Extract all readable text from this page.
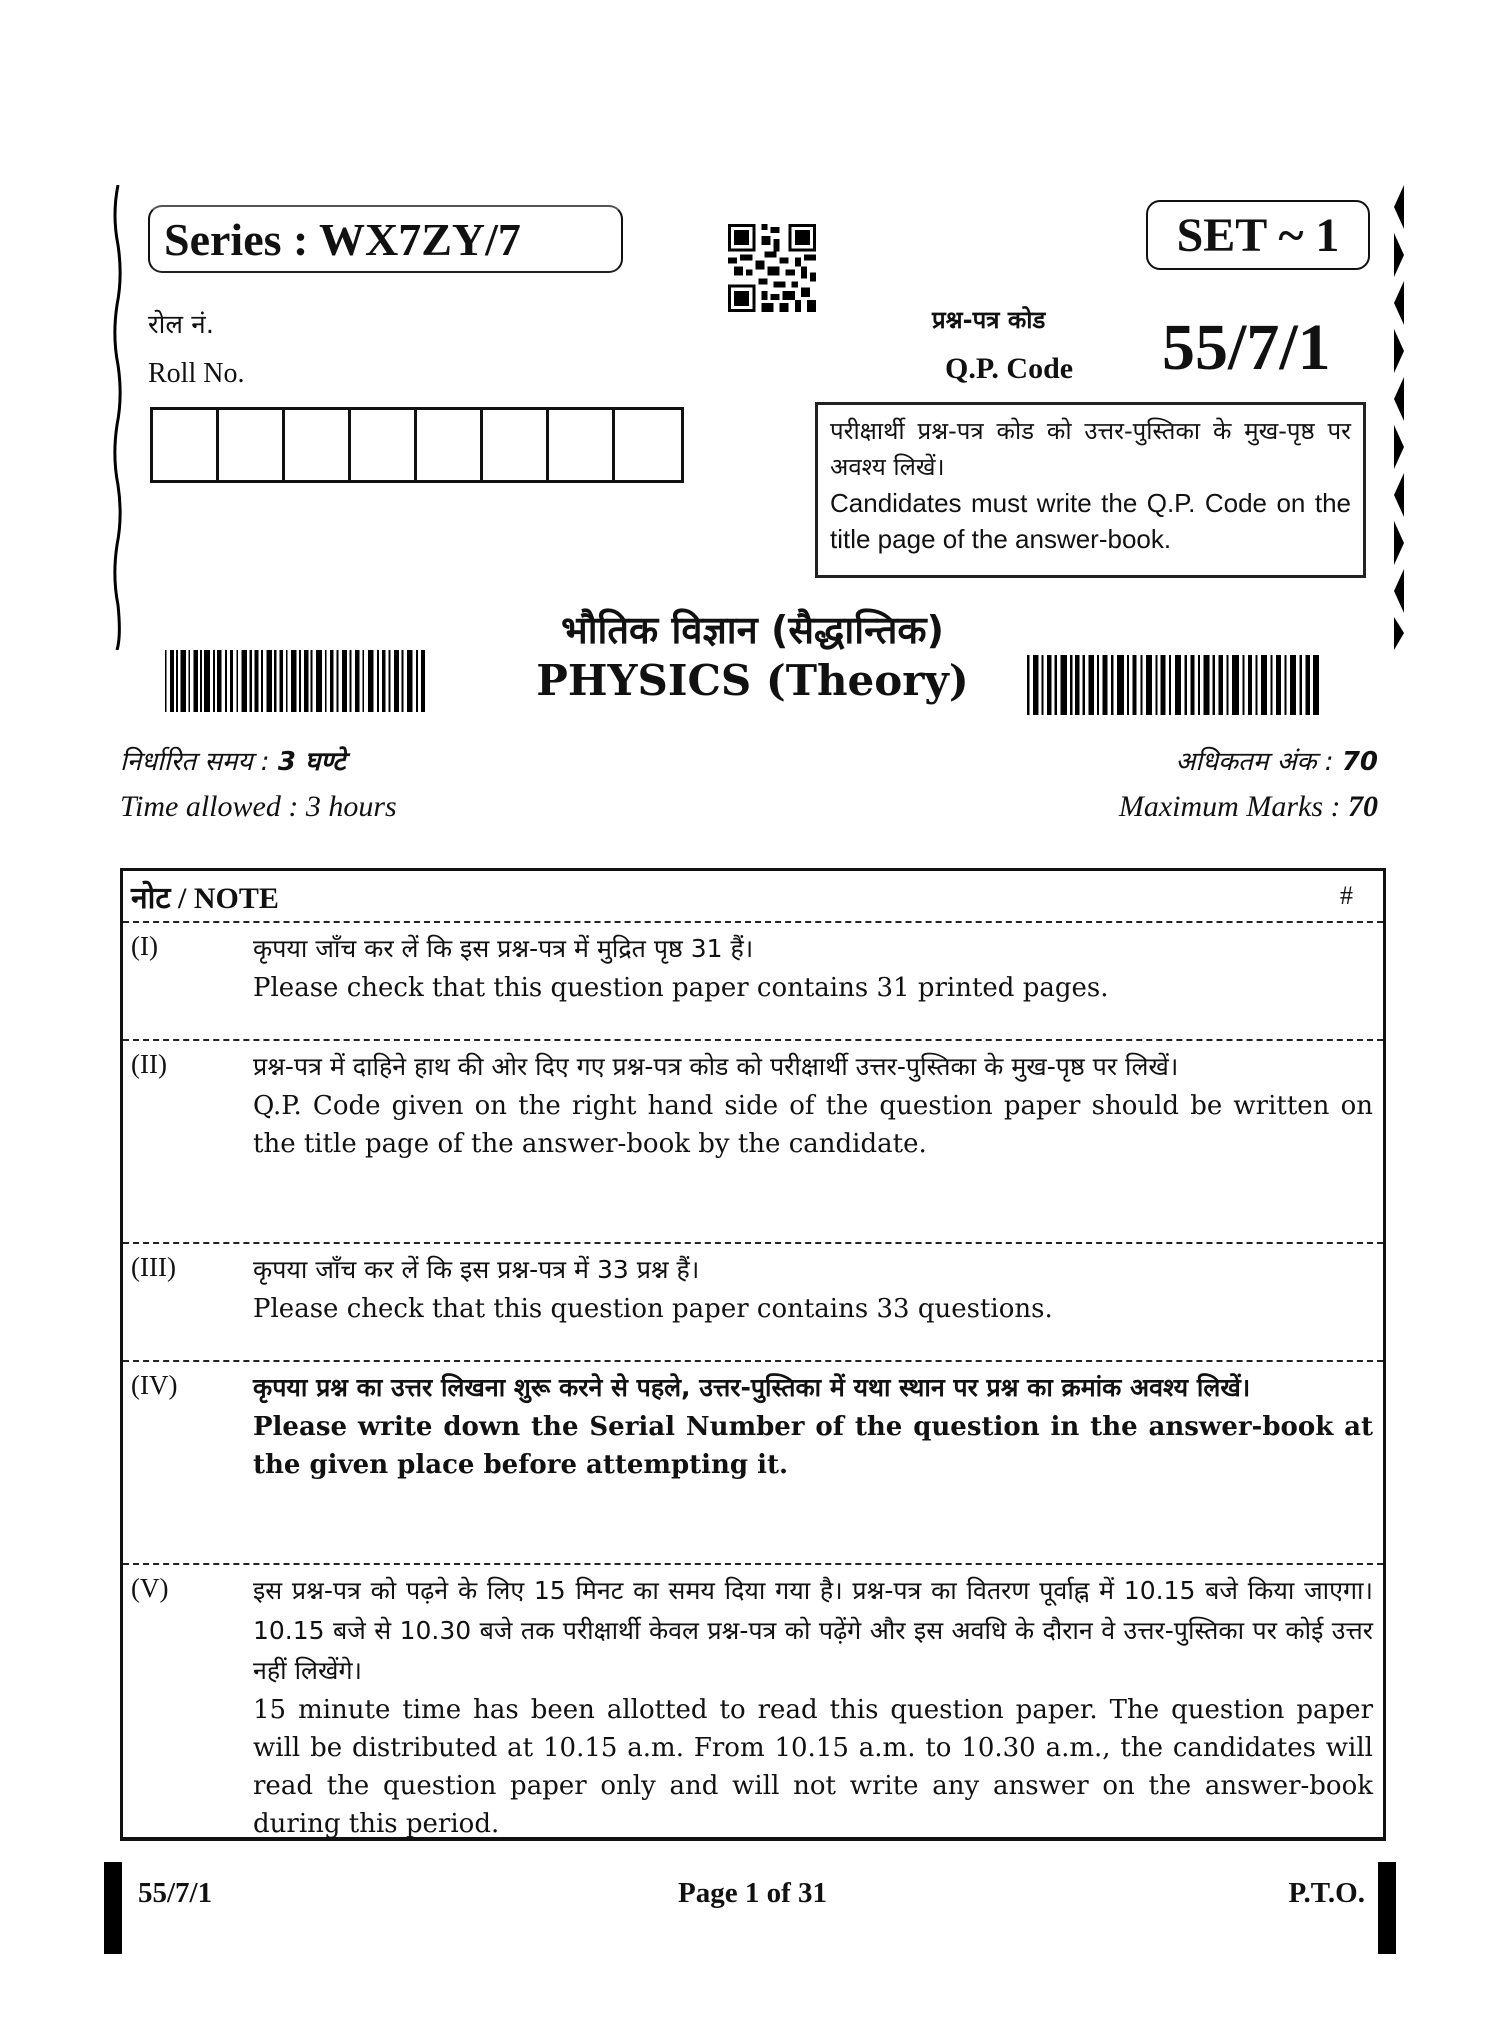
Series : WX7ZY/7	SET ~ 1
रोल नं.
Roll No.
प्रश्न-पत्र कोड
Q.P. Code 55/7/1
परीक्षार्थी प्रश्न-पत्र कोड को उत्तर-पुस्तिका के मुख-पृष्ठ पर अवश्य लिखें।
Candidates must write the Q.P. Code on the title page of the answer-book.
भौतिक विज्ञान (सैद्धान्तिक)
PHYSICS (Theory)
निर्धारित समय : 3 घण्टे
Time allowed : 3 hours
अधिकतम अंक : 70
Maximum Marks : 70
नोट / NOTE	#
(I)	कृपया जाँच कर लें कि इस प्रश्न-पत्र में मुद्रित पृष्ठ 31 हैं।
Please check that this question paper contains 31 printed pages.
(II)	प्रश्न-पत्र में दाहिने हाथ की ओर दिए गए प्रश्न-पत्र कोड को परीक्षार्थी उत्तर-पुस्तिका के मुख-पृष्ठ पर लिखें।
Q.P. Code given on the right hand side of the question paper should be written on the title page of the answer-book by the candidate.
(III)	कृपया जाँच कर लें कि इस प्रश्न-पत्र में 33 प्रश्न हैं।
Please check that this question paper contains 33 questions.
(IV)	कृपया प्रश्न का उत्तर लिखना शुरू करने से पहले, उत्तर-पुस्तिका में यथा स्थान पर प्रश्न का क्रमांक अवश्य लिखें।
Please write down the Serial Number of the question in the answer-book at the given place before attempting it.
(V)	इस प्रश्न-पत्र को पढ़ने के लिए 15 मिनट का समय दिया गया है। प्रश्न-पत्र का वितरण पूर्वाह्न में 10.15 बजे किया जाएगा। 10.15 बजे से 10.30 बजे तक परीक्षार्थी केवल प्रश्न-पत्र को पढ़ेंगे और इस अवधि के दौरान वे उत्तर-पुस्तिका पर कोई उत्तर नहीं लिखेंगे।
15 minute time has been allotted to read this question paper. The question paper will be distributed at 10.15 a.m. From 10.15 a.m. to 10.30 a.m., the candidates will read the question paper only and will not write any answer on the answer-book during this period.
55/7/1	Page 1 of 31	P.T.O.
